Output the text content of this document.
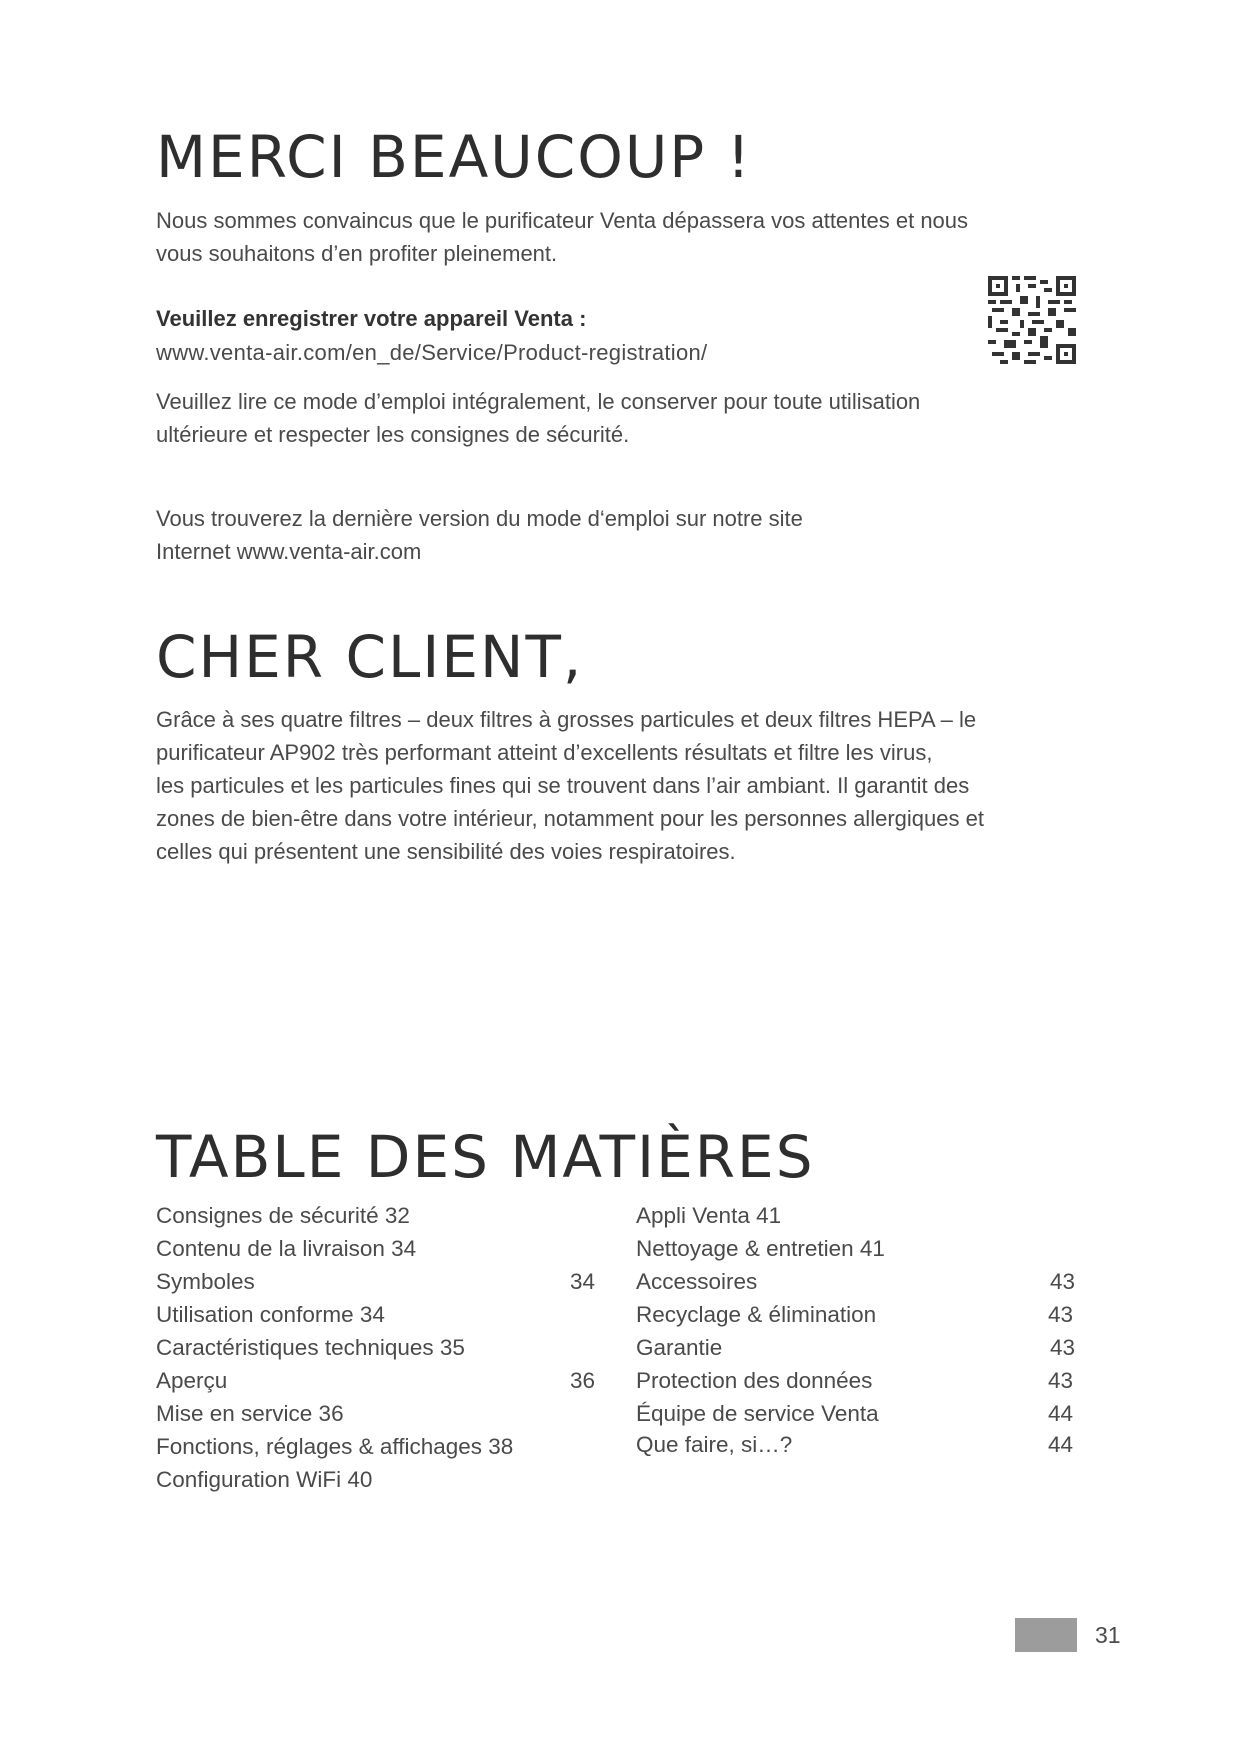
MERCI BEAUCOUP !

Nous sommes convaincus que le purificateur Venta dépassera vos attentes et nous
vous souhaitons d’en profiter pleinement.

Veuillez enregistrer votre appareil Venta :

www.venta-air.com/en_de/Service/Product-registration/

Veuillez lire ce mode d’emploi intégralement, le conserver pour toute utilisation
ultérieure et respecter les consignes de sécurité.

Vous trouverez la dernière version du mode d‘emploi sur notre site
Internet www.venta-air.com

CHER CLIENT,

Grâce à ses quatre filtres – deux filtres à grosses particules et deux filtres HEPA – le
purificateur AP902 très performant atteint d’excellents résultats et filtre les virus,
les particules et les particules fines qui se trouvent dans l’air ambiant. Il garantit des
zones de bien-être dans votre intérieur, notamment pour les personnes allergiques et
celles qui présentent une sensibilité des voies respiratoires.

TABLE DES MATIÈRES
Consignes de sécurité 32
Contenu de la livraison 34
Symboles	34
Utilisation conforme 34
Caractéristiques techniques 35
Aperçu	36
Mise en service 36
Fonctions, réglages & affichages 38
Configuration WiFi 40
Appli Venta 41
Nettoyage & entretien 41
Accessoires	43
Recyclage & élimination	43
Garantie	43
Protection des données	43
Équipe de service Venta	44
Que faire, si…?	44
31
